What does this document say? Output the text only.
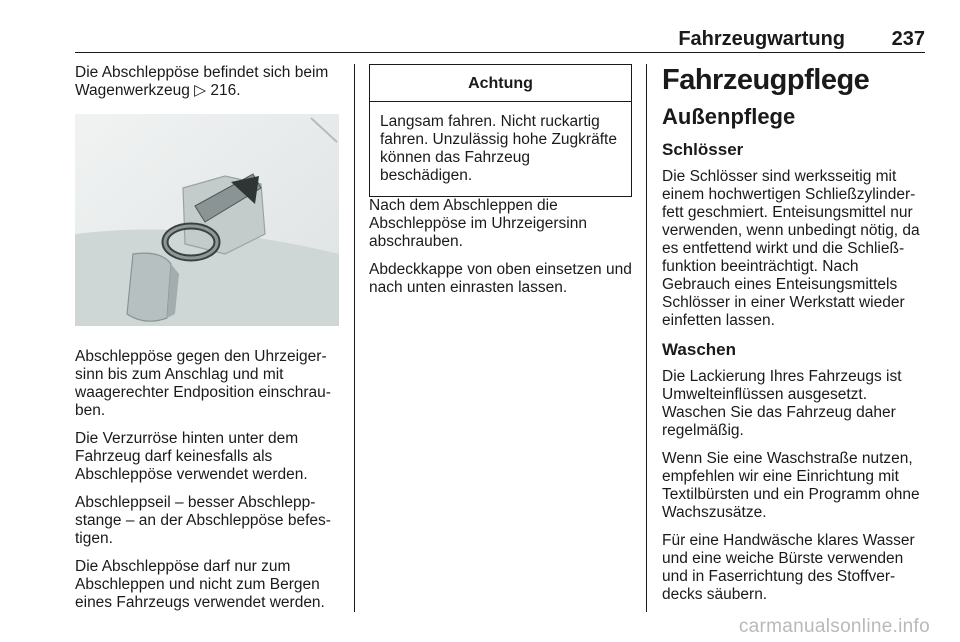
Fahrzeugwartung 237

Die Abschleppöse befindet sich beim Wagenwerkzeug ▷ 216.

Abschleppöse gegen den Uhrzeigersinn bis zum Anschlag und mit waagerechter Endposition einschrauben.

Die Verzurröse hinten unter dem Fahrzeug darf keinesfalls als Abschleppöse verwendet werden.

Abschleppseil – besser Abschleppstange – an der Abschleppöse befestigen.

Die Abschleppöse darf nur zum Abschleppen und nicht zum Bergen eines Fahrzeugs verwendet werden.

Achtung
Langsam fahren. Nicht ruckartig fahren. Unzulässig hohe Zugkräfte können das Fahrzeug beschädigen.

Nach dem Abschleppen die Abschleppöse im Uhrzeigersinn abschrauben.

Abdeckkappe von oben einsetzen und nach unten einrasten lassen.

Fahrzeugpflege
Außenpflege
Schlösser

Die Schlösser sind werksseitig mit einem hochwertigen Schließzylinderfett geschmiert. Enteisungsmittel nur verwenden, wenn unbedingt nötig, da es entfettend wirkt und die Schließfunktion beeinträchtigt. Nach Gebrauch eines Enteisungsmittels Schlösser in einer Werkstatt wieder einfetten lassen.

Waschen

Die Lackierung Ihres Fahrzeugs ist Umwelteinflüssen ausgesetzt. Waschen Sie das Fahrzeug daher regelmäßig.

Wenn Sie eine Waschstraße nutzen, empfehlen wir eine Einrichtung mit Textilbürsten und ein Programm ohne Wachszusätze.

Für eine Handwäsche klares Wasser und eine weiche Bürste verwenden und in Faserrichtung des Stoffverdecks säubern.

carmanualsonline.info
